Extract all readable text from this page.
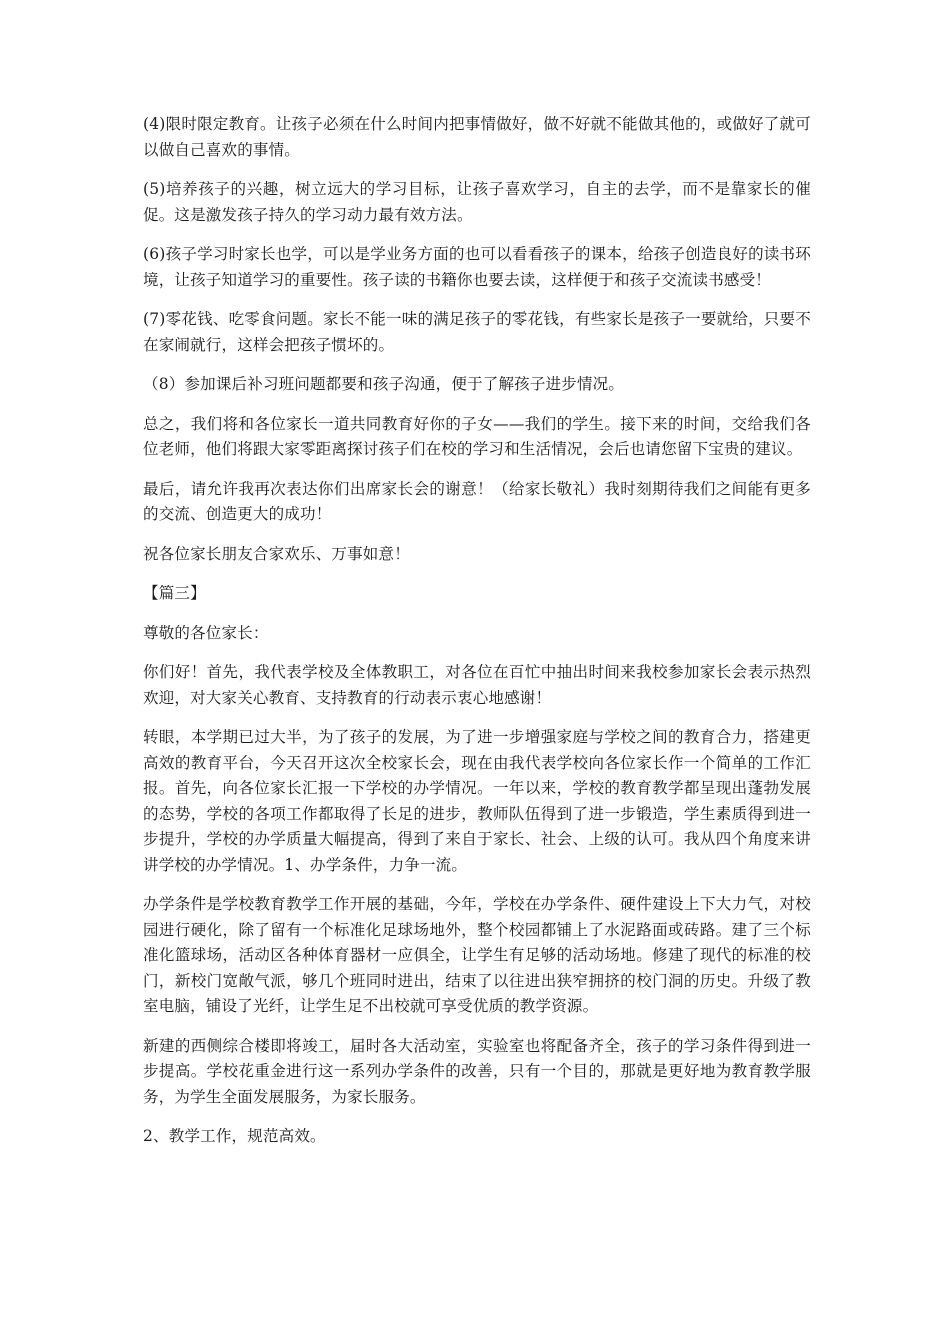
(4)限时限定教育。让孩子必须在什么时间内把事情做好，做不好就不能做其他的，或做好了就可以做自己喜欢的事情。

(5)培养孩子的兴趣，树立远大的学习目标，让孩子喜欢学习，自主的去学，而不是靠家长的催促。这是激发孩子持久的学习动力最有效方法。

(6)孩子学习时家长也学，可以是学业务方面的也可以看看孩子的课本，给孩子创造良好的读书环境，让孩子知道学习的重要性。孩子读的书籍你也要去读，这样便于和孩子交流读书感受！

(7)零花钱、吃零食问题。家长不能一味的满足孩子的零花钱，有些家长是孩子一要就给，只要不在家闹就行，这样会把孩子惯坏的。

（8）参加课后补习班问题都要和孩子沟通，便于了解孩子进步情况。

总之，我们将和各位家长一道共同教育好你的子女——我们的学生。接下来的时间，交给我们各位老师，他们将跟大家零距离探讨孩子们在校的学习和生活情况，会后也请您留下宝贵的建议。

最后，请允许我再次表达你们出席家长会的谢意！（给家长敬礼）我时刻期待我们之间能有更多的交流、创造更大的成功！

祝各位家长朋友合家欢乐、万事如意！

【篇三】

尊敬的各位家长：

你们好！首先，我代表学校及全体教职工，对各位在百忙中抽出时间来我校参加家长会表示热烈欢迎，对大家关心教育、支持教育的行动表示衷心地感谢！

转眼，本学期已过大半，为了孩子的发展，为了进一步增强家庭与学校之间的教育合力，搭建更高效的教育平台，今天召开这次全校家长会，现在由我代表学校向各位家长作一个简单的工作汇报。首先，向各位家长汇报一下学校的办学情况。一年以来，学校的教育教学都呈现出蓬勃发展的态势，学校的各项工作都取得了长足的进步，教师队伍得到了进一步锻造，学生素质得到进一步提升，学校的办学质量大幅提高，得到了来自于家长、社会、上级的认可。我从四个角度来讲讲学校的办学情况。1、办学条件，力争一流。

办学条件是学校教育教学工作开展的基础，今年，学校在办学条件、硬件建设上下大力气，对校园进行硬化，除了留有一个标准化足球场地外，整个校园都铺上了水泥路面或砖路。建了三个标准化篮球场，活动区各种体育器材一应俱全，让学生有足够的活动场地。修建了现代的标准的校门，新校门宽敞气派，够几个班同时进出，结束了以往进出狭窄拥挤的校门洞的历史。升级了教室电脑，铺设了光纤，让学生足不出校就可享受优质的教学资源。

新建的西侧综合楼即将竣工，届时各大活动室，实验室也将配备齐全，孩子的学习条件得到进一步提高。学校花重金进行这一系列办学条件的改善，只有一个目的，那就是更好地为教育教学服务，为学生全面发展服务，为家长服务。

2、教学工作，规范高效。
